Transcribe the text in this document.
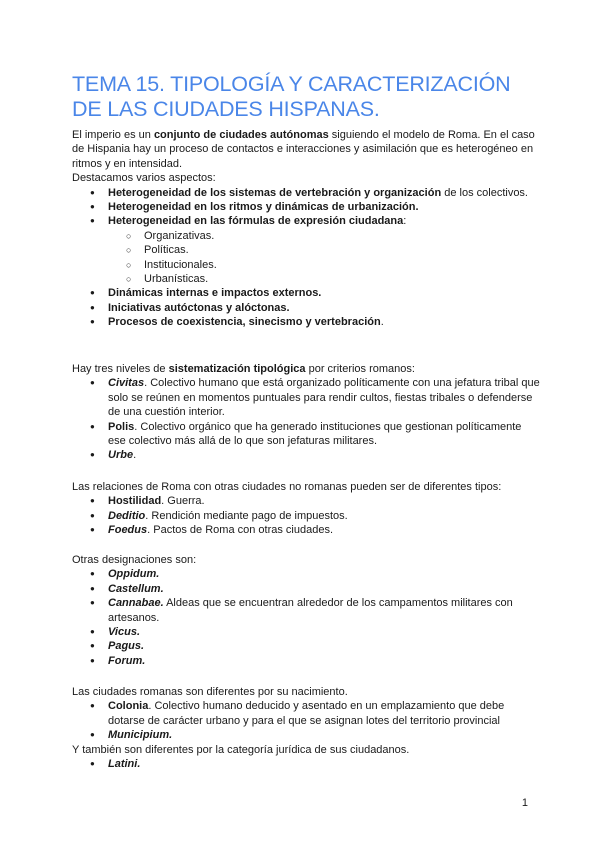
TEMA 15. TIPOLOGÍA Y CARACTERIZACIÓN DE LAS CIUDADES HISPANAS.

El imperio es un conjunto de ciudades autónomas siguiendo el modelo de Roma. En el caso de Hispania hay un proceso de contactos e interacciones y asimilación que es heterogéneo en ritmos y en intensidad.

Destacamos varios aspectos:

● Heterogeneidad de los sistemas de vertebración y organización de los colectivos.
● Heterogeneidad en los ritmos y dinámicas de urbanización.
● Heterogeneidad en las fórmulas de expresión ciudadana:
○ Organizativas.
○ Políticas.
○ Institucionales.
○ Urbanísticas.
● Dinámicas internas e impactos externos.
● Iniciativas autóctonas y alóctonas.
● Procesos de coexistencia, sinecismo y vertebración.

Hay tres niveles de sistematización tipológica por criterios romanos:

● Civitas. Colectivo humano que está organizado políticamente con una jefatura tribal que solo se reúnen en momentos puntuales para rendir cultos, fiestas tribales o defenderse de una cuestión interior.
● Polis. Colectivo orgánico que ha generado instituciones que gestionan políticamente ese colectivo más allá de lo que son jefaturas militares.
● Urbe.

Las relaciones de Roma con otras ciudades no romanas pueden ser de diferentes tipos:

● Hostilidad. Guerra.
● Deditio. Rendición mediante pago de impuestos.
● Foedus. Pactos de Roma con otras ciudades.

Otras designaciones son:

● Oppidum.
● Castellum.
● Cannabae. Aldeas que se encuentran alrededor de los campamentos militares con artesanos.
● Vicus.
● Pagus.
● Forum.

Las ciudades romanas son diferentes por su nacimiento.

● Colonia. Colectivo humano deducido y asentado en un emplazamiento que debe dotarse de carácter urbano y para el que se asignan lotes del territorio provincial
● Municipium.

Y también son diferentes por la categoría jurídica de sus ciudadanos.

● Latini.
1
